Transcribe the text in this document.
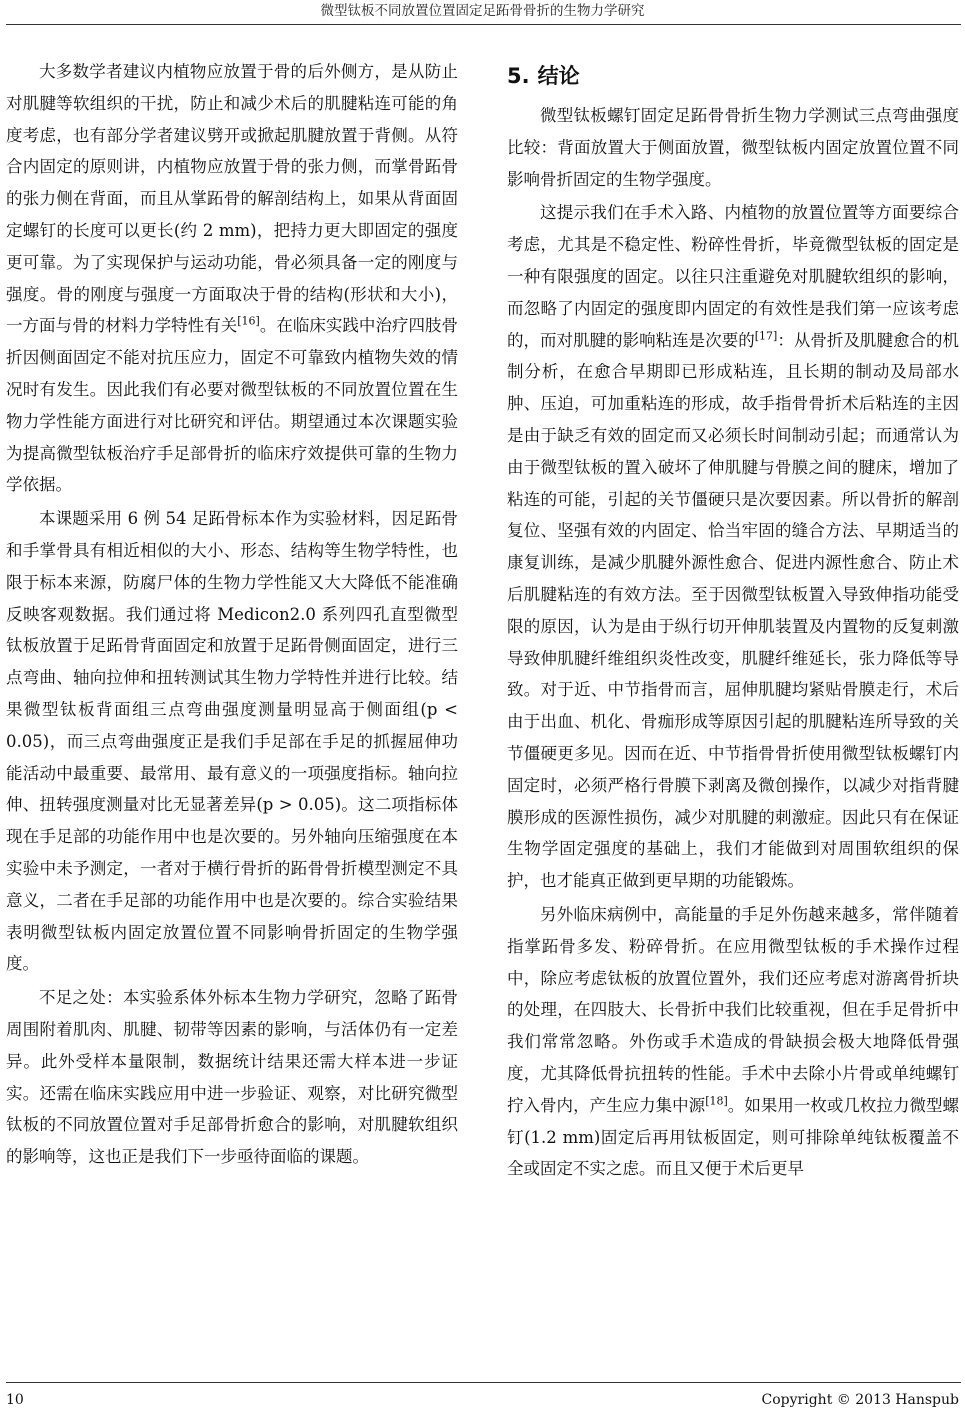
微型钛板不同放置位置固定足跖骨骨折的生物力学研究

大多数学者建议内植物应放置于骨的后外侧方，是从防止对肌腱等软组织的干扰，防止和减少术后的肌腱粘连可能的角度考虑，也有部分学者建议劈开或掀起肌腱放置于背侧。从符合内固定的原则讲，内植物应放置于骨的张力侧，而掌骨跖骨的张力侧在背面，而且从掌跖骨的解剖结构上，如果从背面固定螺钉的长度可以更长(约 2 mm)，把持力更大即固定的强度更可靠。为了实现保护与运动功能，骨必须具备一定的刚度与强度。骨的刚度与强度一方面取决于骨的结构(形状和大小)，一方面与骨的材料力学特性有关[16]。在临床实践中治疗四肢骨折因侧面固定不能对抗压应力，固定不可靠致内植物失效的情况时有发生。因此我们有必要对微型钛板的不同放置位置在生物力学性能方面进行对比研究和评估。期望通过本次课题实验为提高微型钛板治疗手足部骨折的临床疗效提供可靠的生物力学依据。

本课题采用 6 例 54 足跖骨标本作为实验材料，因足跖骨和手掌骨具有相近相似的大小、形态、结构等生物学特性，也限于标本来源，防腐尸体的生物力学性能又大大降低不能准确反映客观数据。我们通过将 Medicon2.0 系列四孔直型微型钛板放置于足跖骨背面固定和放置于足跖骨侧面固定，进行三点弯曲、轴向拉伸和扭转测试其生物力学特性并进行比较。结果微型钛板背面组三点弯曲强度测量明显高于侧面组(p < 0.05)，而三点弯曲强度正是我们手足部在手足的抓握屈伸功能活动中最重要、最常用、最有意义的一项强度指标。轴向拉伸、扭转强度测量对比无显著差异(p > 0.05)。这二项指标体现在手足部的功能作用中也是次要的。另外轴向压缩强度在本实验中未予测定，一者对于横行骨折的跖骨骨折模型测定不具意义，二者在手足部的功能作用中也是次要的。综合实验结果表明微型钛板内固定放置位置不同影响骨折固定的生物学强度。

不足之处：本实验系体外标本生物力学研究，忽略了跖骨周围附着肌肉、肌腱、韧带等因素的影响，与活体仍有一定差异。此外受样本量限制，数据统计结果还需大样本进一步证实。还需在临床实践应用中进一步验证、观察，对比研究微型钛板的不同放置位置对手足部骨折愈合的影响，对肌腱软组织的影响等，这也正是我们下一步亟待面临的课题。

5. 结论

微型钛板螺钉固定足跖骨骨折生物力学测试三点弯曲强度比较：背面放置大于侧面放置，微型钛板内固定放置位置不同影响骨折固定的生物学强度。

这提示我们在手术入路、内植物的放置位置等方面要综合考虑，尤其是不稳定性、粉碎性骨折，毕竟微型钛板的固定是一种有限强度的固定。以往只注重避免对肌腱软组织的影响，而忽略了内固定的强度即内固定的有效性是我们第一应该考虑的，而对肌腱的影响粘连是次要的[17]：从骨折及肌腱愈合的机制分析，在愈合早期即已形成粘连，且长期的制动及局部水肿、压迫，可加重粘连的形成，故手指骨骨折术后粘连的主因是由于缺乏有效的固定而又必须长时间制动引起；而通常认为由于微型钛板的置入破坏了伸肌腱与骨膜之间的腱床，增加了粘连的可能，引起的关节僵硬只是次要因素。所以骨折的解剖复位、坚强有效的内固定、恰当牢固的缝合方法、早期适当的康复训练，是减少肌腱外源性愈合、促进内源性愈合、防止术后肌腱粘连的有效方法。至于因微型钛板置入导致伸指功能受限的原因，认为是由于纵行切开伸肌装置及内置物的反复刺激导致伸肌腱纤维组织炎性改变，肌腱纤维延长，张力降低等导致。对于近、中节指骨而言，屈伸肌腱均紧贴骨膜走行，术后由于出血、机化、骨痂形成等原因引起的肌腱粘连所导致的关节僵硬更多见。因而在近、中节指骨骨折使用微型钛板螺钉内固定时，必须严格行骨膜下剥离及微创操作，以减少对指背腱膜形成的医源性损伤，减少对肌腱的刺激症。因此只有在保证生物学固定强度的基础上，我们才能做到对周围软组织的保护，也才能真正做到更早期的功能锻炼。

另外临床病例中，高能量的手足外伤越来越多，常伴随着指掌跖骨多发、粉碎骨折。在应用微型钛板的手术操作过程中，除应考虑钛板的放置位置外，我们还应考虑对游离骨折块的处理，在四肢大、长骨折中我们比较重视，但在手足骨折中我们常常忽略。外伤或手术造成的骨缺损会极大地降低骨强度，尤其降低骨抗扭转的性能。手术中去除小片骨或单纯螺钉拧入骨内，产生应力集中源[18]。如果用一枚或几枚拉力微型螺钉(1.2 mm)固定后再用钛板固定，则可排除单纯钛板覆盖不全或固定不实之虑。而且又便于术后更早

10	Copyright © 2013 Hanspub
